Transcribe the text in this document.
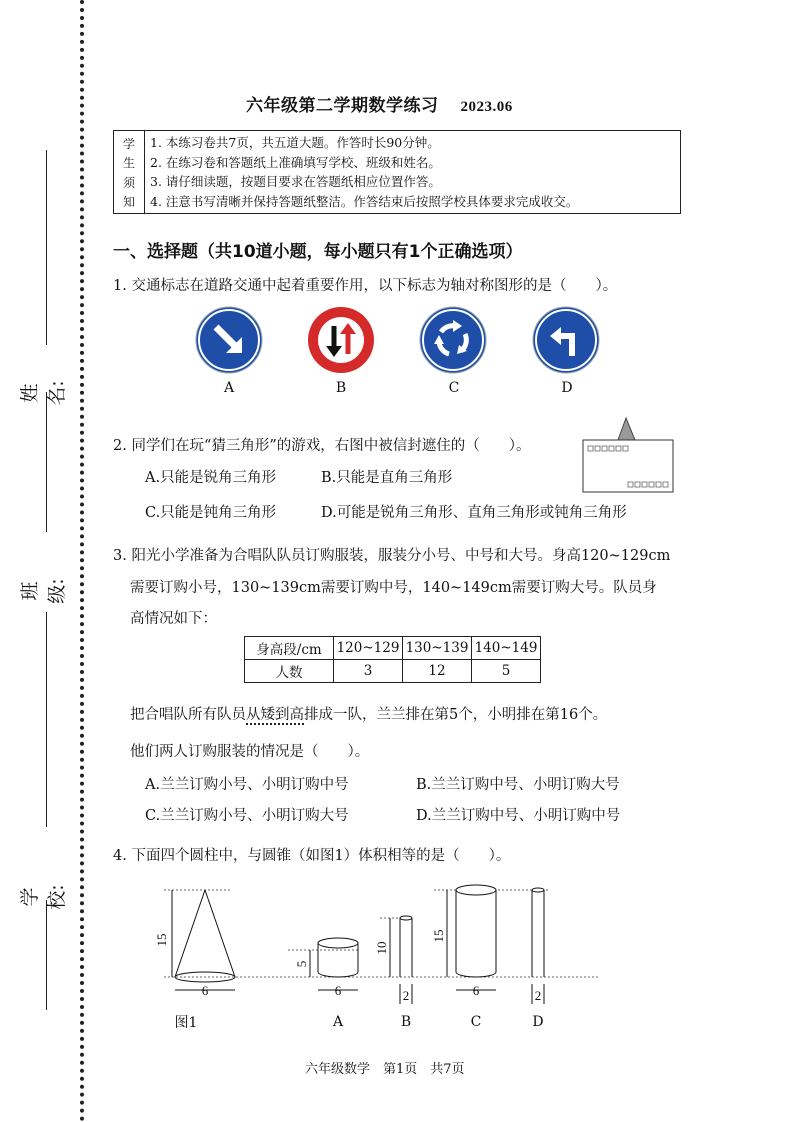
姓名:
班级:
学校:
六年级第二学期数学练习 2023.06
学
生
须
知
1. 本练习卷共7页，共五道大题。作答时长90分钟。
2. 在练习卷和答题纸上准确填写学校、班级和姓名。
3. 请仔细读题，按题目要求在答题纸相应位置作答。
4. 注意书写清晰并保持答题纸整洁。作答结束后按照学校具体要求完成收交。
一、选择题（共10道小题，每小题只有1个正确选项）
1. 交通标志在道路交通中起着重要作用，以下标志为轴对称图形的是（　　）。
A	B	C	D
2. 同学们在玩“猜三角形”的游戏，右图中被信封遮住的（　　）。
A.只能是锐角三角形	B.只能是直角三角形
C.只能是钝角三角形	D.可能是锐角三角形、直角三角形或钝角三角形
3. 阳光小学准备为合唱队队员订购服装，服装分小号、中号和大号。身高120~129cm
需要订购小号，130~139cm需要订购中号，140~149cm需要订购大号。队员身
高情况如下：
身高段/cm	120~129	130~139	140~149
人数	3	12	5
把合唱队所有队员从矮到高排成一队，兰兰排在第5个，小明排在第16个。
他们两人订购服装的情况是（　　）。
A.兰兰订购小号、小明订购中号	B.兰兰订购中号、小明订购大号
C.兰兰订购小号、小明订购大号	D.兰兰订购中号、小明订购中号
4. 下面四个圆柱中，与圆锥（如图1）体积相等的是（　　）。
15
6
5
6
10
2
15
6	2
图1	A	B	C	D
六年级数学　第1页　共7页
